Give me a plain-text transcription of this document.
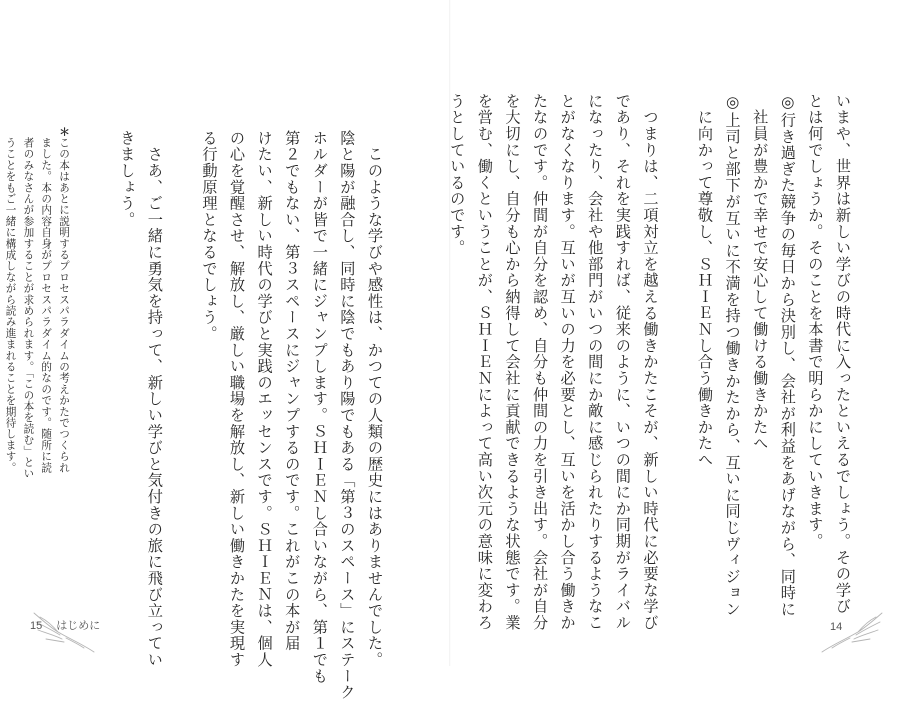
いまや、世界は新しい学びの時代に入ったといえるでしょう。その学び
とは何でしょうか。そのことを本書で明らかにしていきます。
◎行き過ぎた競争の毎日から決別し、会社が利益をあげながら、同時に
　社員が豊かで幸せで安心して働ける働きかたへ
◎上司と部下が互いに不満を持つ働きかたから、互いに同じヴィジョン
　に向かって尊敬し、ＳＨＩＥＮし合う働きかたへ
　つまりは、二項対立を越える働きかたこそが、新しい時代に必要な学び
であり、それを実践すれば、従来のように、いつの間にか同期がライバル
になったり、会社や他部門がいつの間にか敵に感じられたりするようなこ
とがなくなります。互いが互いの力を必要とし、互いを活かし合う働きか
たなのです。仲間が自分を認め、自分も仲間の力を引き出す。会社が自分
を大切にし、自分も心から納得して会社に貢献できるような状態です。業
を営む、働くということが、ＳＨＩＥＮによって高い次元の意味に変わろ
うとしているのです。
14
　このような学びや感性は、かつての人類の歴史にはありませんでした。
陰と陽が融合し、同時に陰でもあり陽でもある「第３のスペース」にステーク
ホルダーが皆で一緒にジャンプします。ＳＨＩＥＮし合いながら、第１でも
第２でもない、第３スペースにジャンプするのです。これがこの本が届
けたい、新しい時代の学びと実践のエッセンスです。ＳＨＩＥＮは、個人
の心を覚醒させ、解放し、厳しい職場を解放し、新しい働きかたを実現す
る行動原理となるでしょう。
　さあ、ご一緒に勇気を持って、新しい学びと気付きの旅に飛び立ってい
きましょう。
＊この本はあとに説明するプロセスパラダイムの考えかたでつくられ
　ました。本の内容自身がプロセスパラダイム的なのです。随所に読
　者のみなさんが参加することが求められます。「この本を読む」とい
　うことをもご一緒に構成しながら読み進まれることを期待します。
15 はじめに
